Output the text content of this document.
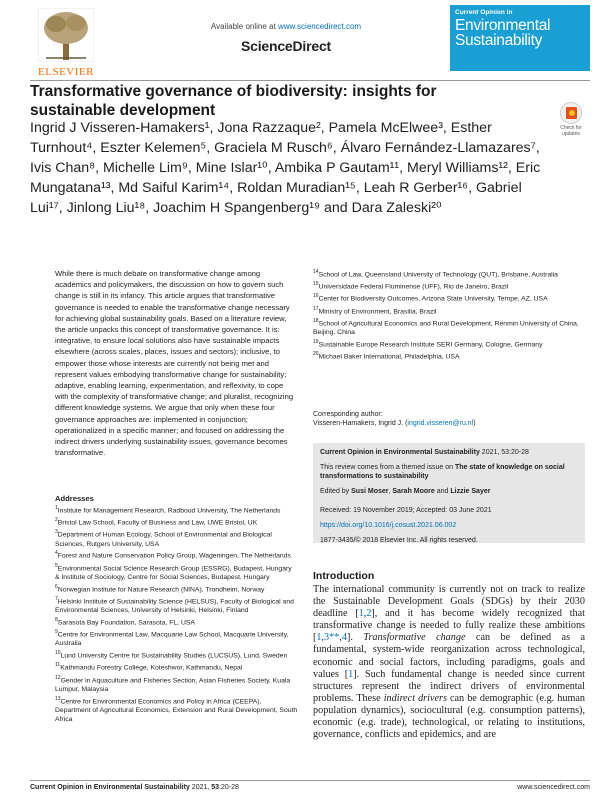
ELSEVIER
Available online at www.sciencedirect.com
ScienceDirect
Current Opinion in
Environmental Sustainability
Transformative governance of biodiversity: insights for sustainable development
Check for updates
Ingrid J Visseren-Hamakers¹, Jona Razzaque², Pamela McElwee³, Esther Turnhout⁴, Eszter Kelemen⁵, Graciela M Rusch⁶, Álvaro Fernández-Llamazares⁷, Ivis Chan⁸, Michelle Lim⁹, Mine Islar¹⁰, Ambika P Gautam¹¹, Meryl Williams¹², Eric Mungatana¹³, Md Saiful Karim¹⁴, Roldan Muradian¹⁵, Leah R Gerber¹⁶, Gabriel Lui¹⁷, Jinlong Liu¹⁸, Joachim H Spangenberg¹⁹ and Dara Zaleski²⁰

While there is much debate on transformative change among academics and policymakers, the discussion on how to govern such change is still in its infancy. This article argues that transformative governance is needed to enable the transformative change necessary for achieving global sustainability goals. Based on a literature review, the article unpacks this concept of transformative governance. It is: integrative, to ensure local solutions also have sustainable impacts elsewhere (across scales, places, issues and sectors); inclusive, to empower those whose interests are currently not being met and represent values embodying transformative change for sustainability; adaptive, enabling learning, experimentation, and reflexivity, to cope with the complexity of transformative change; and pluralist, recognizing different knowledge systems. We argue that only when these four governance approaches are: implemented in conjunction; operationalized in a specific manner; and focused on addressing the indirect drivers underlying sustainability issues, governance becomes transformative.

Addresses
$^1$Institute for Management Research, Radboud University, The Netherlands
$^2$Bristol Law School, Faculty of Business and Law, UWE Bristol, UK
$^3$Department of Human Ecology, School of Environmental and Biological Sciences, Rutgers University, USA
$^4$Forest and Nature Conservation Policy Group, Wageningen, The Netherlands
$^5$Environmental Social Science Research Group (ESSRG), Budapest, Hungary & Institute of Sociology, Centre for Social Sciences, Budapest, Hungary
$^6$Norwegian Institute for Nature Research (NINA), Trondheim, Norway
$^7$Helsinki Institute of Sustainability Science (HELSUS), Faculty of Biological and Environmental Sciences, University of Helsinki, Helsinki, Finland
$^8$Sarasota Bay Foundation, Sarasota, FL, USA
$^9$Centre for Environmental Law, Macquarie Law School, Macquarie University, Australia
$^{10}$Lund University Centre for Sustainability Studies (LUCSUS), Lund, Sweden
$^{11}$Kathmandu Forestry College, Koteshwor, Kathmandu, Nepal
$^{12}$Gender in Aquaculture and Fisheries Section, Asian Fisheries Society, Kuala Lumpur, Malaysia
$^{13}$Centre for Environmental Economics and Policy in Africa (CEEPA), Department of Agricultural Economics, Extension and Rural Development, South Africa
$^{14}$School of Law, Queensland University of Technology (QUT), Brisbane, Australia
$^{15}$Universidade Federal Fluminense (UFF), Rio de Janeiro, Brazil
$^{16}$Center for Biodiversity Outcomes, Arizona State University, Tempe, AZ, USA
$^{17}$Ministry of Environment, Brasilia, Brazil
$^{18}$School of Agricultural Economics and Rural Development, Renmin University of China, Beijing, China
$^{19}$Sustainable Europe Research Institute SERI Germany, Cologne, Germany
$^{20}$Michael Baker International, Philadelphia, USA
Corresponding author:
Visseren-Hamakers, Ingrid J. (ingrid.visseren@ru.nl)
Current Opinion in Environmental Sustainability 2021, 53:20-28
This review comes from a themed issue on The state of knowledge on social transformations to sustainability
Edited by Susi Moser, Sarah Moore and Lizzie Sayer
Received: 19 November 2019; Accepted: 03 June 2021
https://doi.org/10.1016/j.cosust.2021.06.002
1877-3435/© 2018 Elsevier Inc. All rights reserved.
Introduction

The international community is currently not on track to realize the Sustainable Development Goals (SDGs) by their 2030 deadline [1,2], and it has become widely recognized that transformative change is needed to fully realize these ambitions [1,3**,4]. Transformative change can be defined as a fundamental, system-wide reorganization across technological, economic and social factors, including paradigms, goals and values [1]. Such fundamental change is needed since current structures represent the indirect drivers of environmental problems. These indirect drivers can be demographic (e.g. human population dynamics), sociocultural (e.g. consumption patterns), economic (e.g. trade), technological, or relating to institutions, governance, conflicts and epidemics, and are

Current Opinion in Environmental Sustainability 2021, 53:20-28	www.sciencedirect.com
